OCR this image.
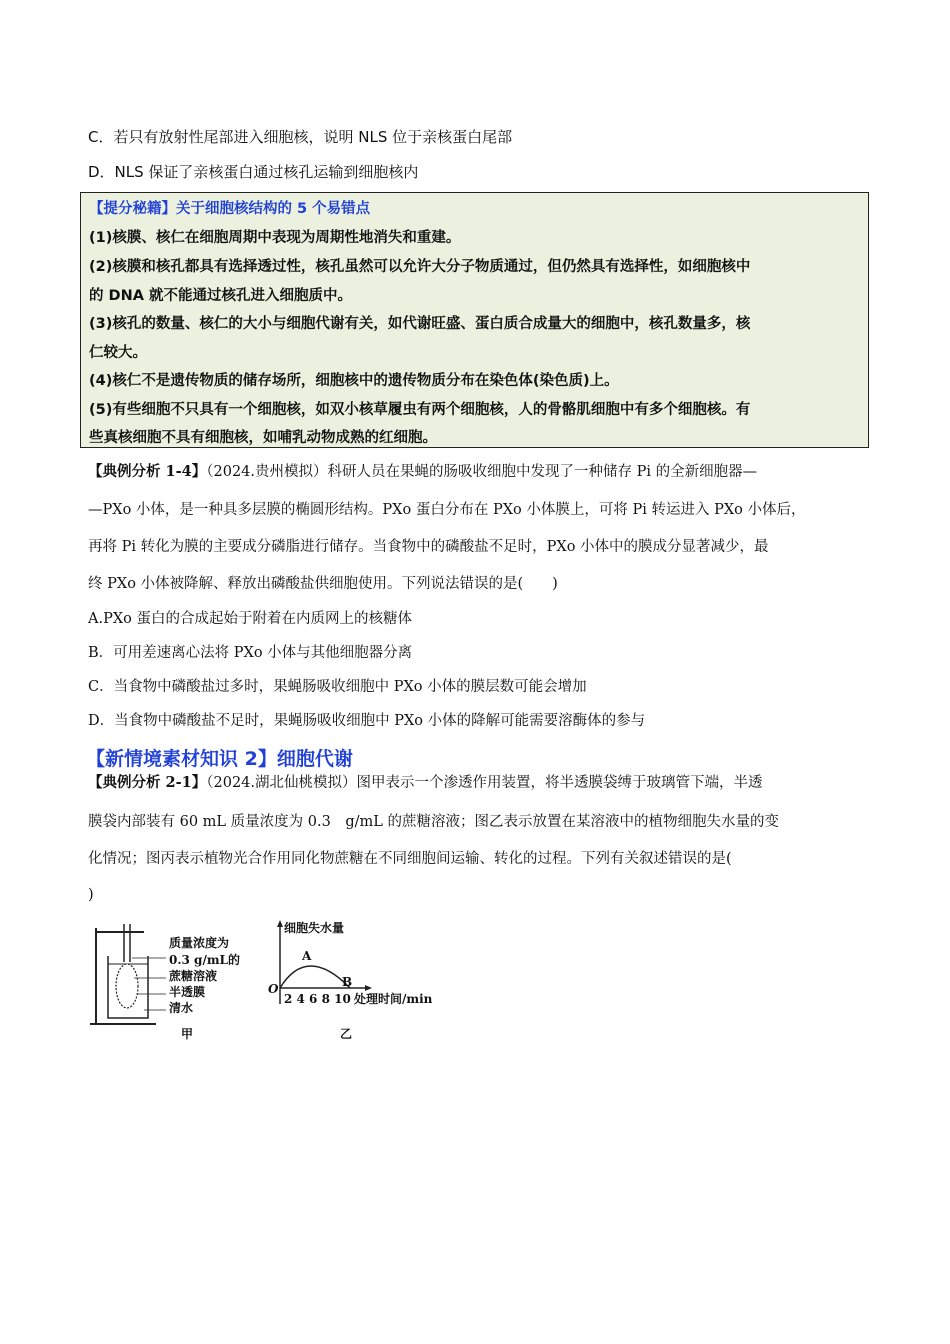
C．若只有放射性尾部进入细胞核，说明 NLS 位于亲核蛋白尾部
D．NLS 保证了亲核蛋白通过核孔运输到细胞核内
【提分秘籍】关于细胞核结构的 5 个易错点
(1)核膜、核仁在细胞周期中表现为周期性地消失和重建。
(2)核膜和核孔都具有选择透过性，核孔虽然可以允许大分子物质通过，但仍然具有选择性，如细胞核中
的 DNA 就不能通过核孔进入细胞质中。
(3)核孔的数量、核仁的大小与细胞代谢有关，如代谢旺盛、蛋白质合成量大的细胞中，核孔数量多，核
仁较大。
(4)核仁不是遗传物质的储存场所，细胞核中的遗传物质分布在染色体(染色质)上。
(5)有些细胞不只具有一个细胞核，如双小核草履虫有两个细胞核，人的骨骼肌细胞中有多个细胞核。有
些真核细胞不具有细胞核，如哺乳动物成熟的红细胞。
【典例分析 1-4】（2024.贵州模拟）科研人员在果蝇的肠吸收细胞中发现了一种储存 Pi 的全新细胞器—
—PXo 小体，是一种具多层膜的椭圆形结构。PXo 蛋白分布在 PXo 小体膜上，可将 Pi 转运进入 PXo 小体后，
再将 Pi 转化为膜的主要成分磷脂进行储存。当食物中的磷酸盐不足时，PXo 小体中的膜成分显著减少，最
终 PXo 小体被降解、释放出磷酸盐供细胞使用。下列说法错误的是(　　)
A.PXo 蛋白的合成起始于附着在内质网上的核糖体
B．可用差速离心法将 PXo 小体与其他细胞器分离
C．当食物中磷酸盐过多时，果蝇肠吸收细胞中 PXo 小体的膜层数可能会增加
D．当食物中磷酸盐不足时，果蝇肠吸收细胞中 PXo 小体的降解可能需要溶酶体的参与
【新情境素材知识 2】细胞代谢
【典例分析 2-1】（2024.湖北仙桃模拟）图甲表示一个渗透作用装置，将半透膜袋缚于玻璃管下端，半透
膜袋内部装有 60 mL 质量浓度为 0.3　g/mL 的蔗糖溶液；图乙表示放置在某溶液中的植物细胞失水量的变
化情况；图丙表示植物光合作用同化物蔗糖在不同细胞间运输、转化的过程。下列有关叙述错误的是(
)
质量浓度为
0.3 g/mL的
蔗糖溶液
半透膜
清水
甲
细胞失水量
O
A
B
2 4 6 8 10 处理时间/min
乙
